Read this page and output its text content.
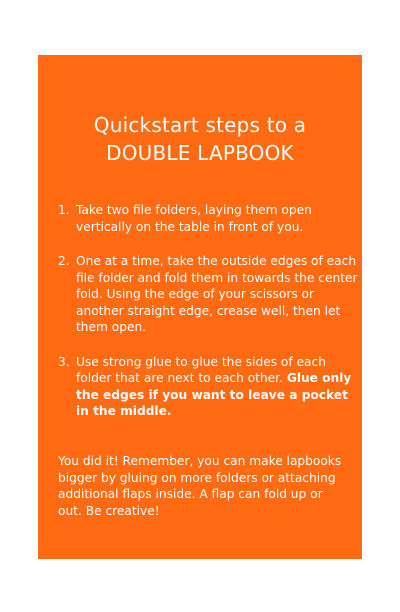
Quickstart steps to a
DOUBLE LAPBOOK
1. Take two file folders, laying them open vertically on the table in front of you.
2. One at a time, take the outside edges of each file folder and fold them in towards the center fold. Using the edge of your scissors or another straight edge, crease well, then let them open.
3. Use strong glue to glue the sides of each folder that are next to each other. Glue only the edges if you want to leave a pocket in the middle.
You did it! Remember, you can make lapbooks bigger by gluing on more folders or attaching additional flaps inside. A flap can fold up or out. Be creative!
